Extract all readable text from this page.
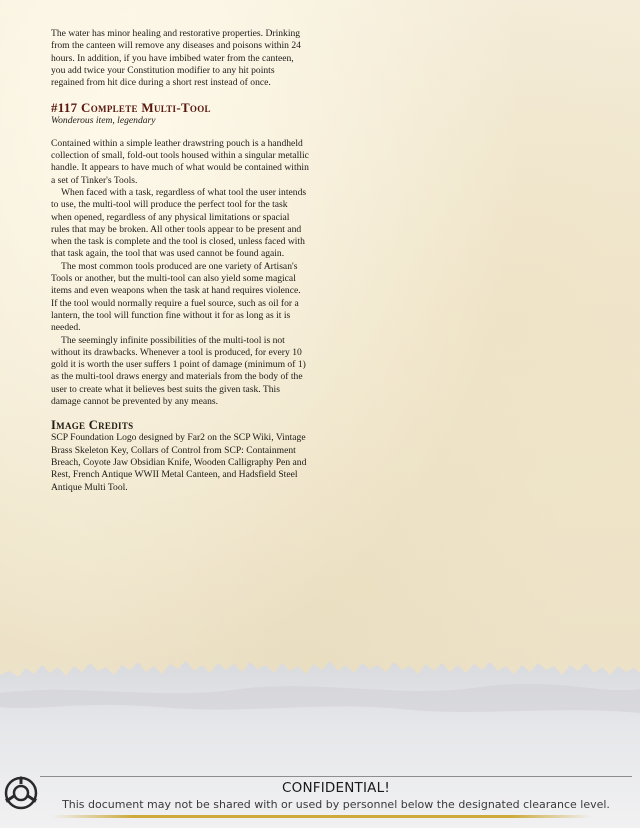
The water has minor healing and restorative properties. Drinking from the canteen will remove any diseases and poisons within 24 hours. In addition, if you have imbibed water from the canteen, you add twice your Constitution modifier to any hit points regained from hit dice during a short rest instead of once.

#117 Complete Multi-Tool

Wonderous item, legendary

Contained within a simple leather drawstring pouch is a handheld collection of small, fold-out tools housed within a singular metallic handle. It appears to have much of what would be contained within a set of Tinker's Tools.

When faced with a task, regardless of what tool the user intends to use, the multi-tool will produce the perfect tool for the task when opened, regardless of any physical limitations or spacial rules that may be broken. All other tools appear to be present and when the task is complete and the tool is closed, unless faced with that task again, the tool that was used cannot be found again.

The most common tools produced are one variety of Artisan's Tools or another, but the multi-tool can also yield some magical items and even weapons when the task at hand requires violence. If the tool would normally require a fuel source, such as oil for a lantern, the tool will function fine without it for as long as it is needed.

The seemingly infinite possibilities of the multi-tool is not without its drawbacks. Whenever a tool is produced, for every 10 gold it is worth the user suffers 1 point of damage (minimum of 1) as the multi-tool draws energy and materials from the body of the user to create what it believes best suits the given task. This damage cannot be prevented by any means.

Image Credits

SCP Foundation Logo designed by Far2 on the SCP Wiki, Vintage Brass Skeleton Key, Collars of Control from SCP: Containment Breach, Coyote Jaw Obsidian Knife, Wooden Calligraphy Pen and Rest, French Antique WWII Metal Canteen, and Hadsfield Steel Antique Multi Tool.

CONFIDENTIAL!
This document may not be shared with or used by personnel below the designated clearance level.
